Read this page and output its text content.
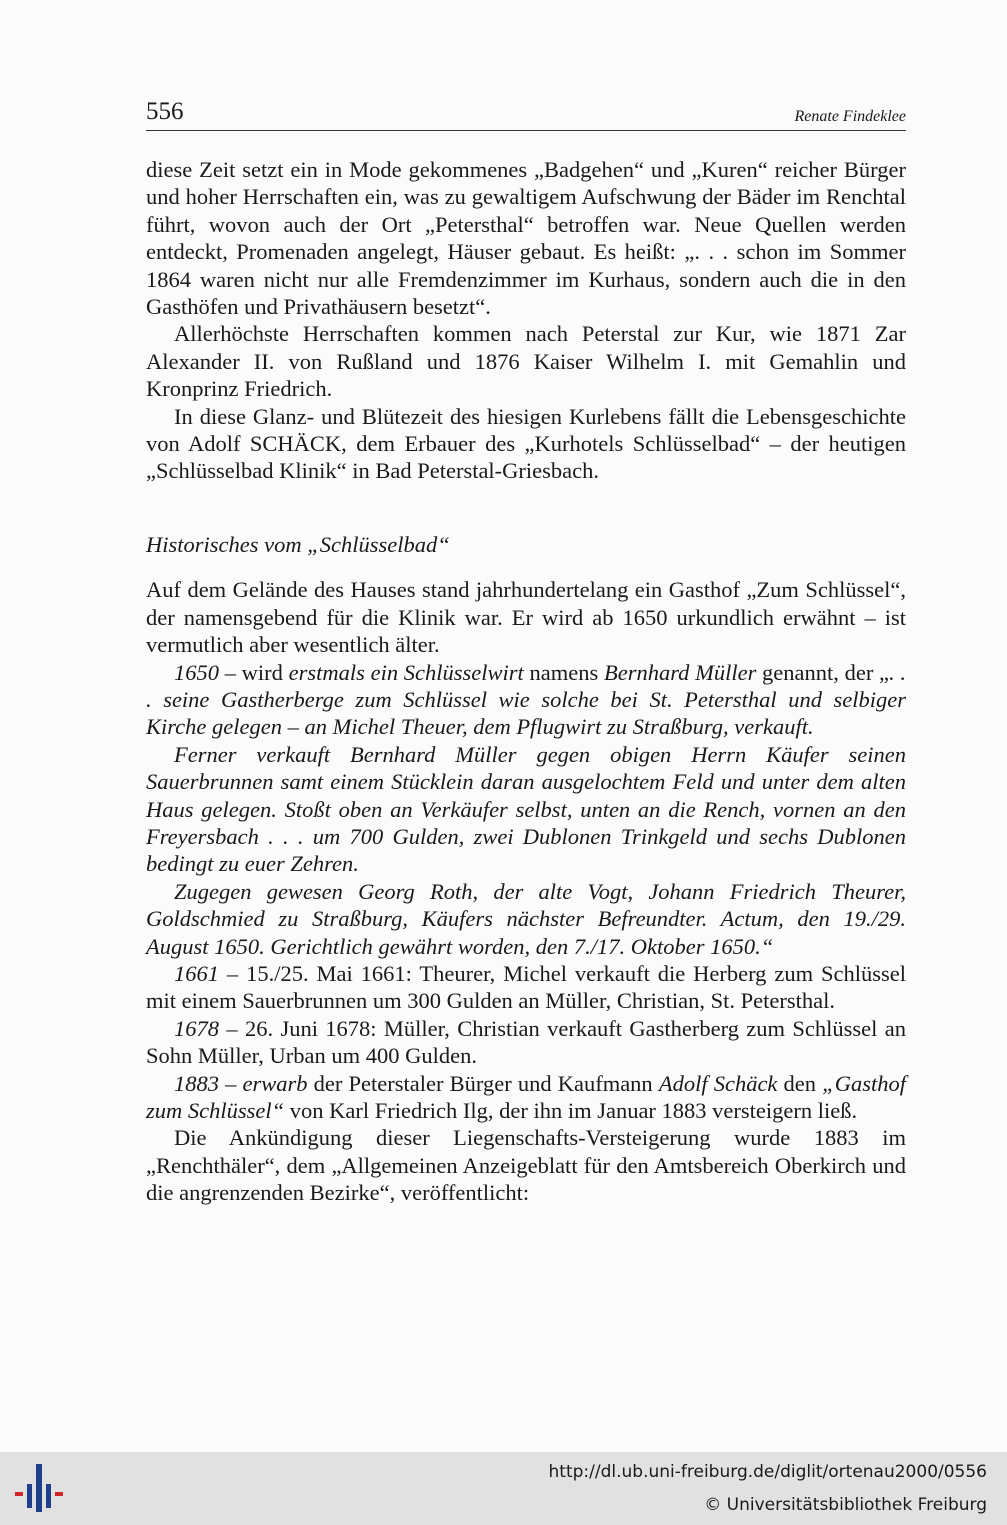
556	Renate Findeklee

diese Zeit setzt ein in Mode gekommenes „Badgehen“ und „Kuren“ reicher Bürger und hoher Herrschaften ein, was zu gewaltigem Aufschwung der Bäder im Renchtal führt, wovon auch der Ort „Petersthal“ betroffen war. Neue Quellen werden entdeckt, Promenaden angelegt, Häuser gebaut. Es heißt: „. . . schon im Sommer 1864 waren nicht nur alle Fremdenzimmer im Kurhaus, sondern auch die in den Gasthöfen und Privathäusern besetzt“.

Allerhöchste Herrschaften kommen nach Peterstal zur Kur, wie 1871 Zar Alexander II. von Rußland und 1876 Kaiser Wilhelm I. mit Gemahlin und Kronprinz Friedrich.

In diese Glanz- und Blütezeit des hiesigen Kurlebens fällt die Lebensgeschichte von Adolf SCHÄCK, dem Erbauer des „Kurhotels Schlüsselbad“ – der heutigen „Schlüsselbad Klinik“ in Bad Peterstal-Griesbach.

Historisches vom „Schlüsselbad“

Auf dem Gelände des Hauses stand jahrhundertelang ein Gasthof „Zum Schlüssel“, der namensgebend für die Klinik war. Er wird ab 1650 urkundlich erwähnt – ist vermutlich aber wesentlich älter.

1650 – wird erstmals ein Schlüsselwirt namens Bernhard Müller genannt, der „. . . seine Gastherberge zum Schlüssel wie solche bei St. Petersthal und selbiger Kirche gelegen – an Michel Theuer, dem Pflugwirt zu Straßburg, verkauft.

Ferner verkauft Bernhard Müller gegen obigen Herrn Käufer seinen Sauerbrunnen samt einem Stücklein daran ausgelochtem Feld und unter dem alten Haus gelegen. Stoßt oben an Verkäufer selbst, unten an die Rench, vornen an den Freyersbach . . . um 700 Gulden, zwei Dublonen Trinkgeld und sechs Dublonen bedingt zu euer Zehren.

Zugegen gewesen Georg Roth, der alte Vogt, Johann Friedrich Theurer, Goldschmied zu Straßburg, Käufers nächster Befreundter. Actum, den 19./29. August 1650. Gerichtlich gewährt worden, den 7./17. Oktober 1650.“

1661 – 15./25. Mai 1661: Theurer, Michel verkauft die Herberg zum Schlüssel mit einem Sauerbrunnen um 300 Gulden an Müller, Christian, St. Petersthal.

1678 – 26. Juni 1678: Müller, Christian verkauft Gastherberg zum Schlüssel an Sohn Müller, Urban um 400 Gulden.

1883 – erwarb der Peterstaler Bürger und Kaufmann Adolf Schäck den „Gasthof zum Schlüssel“ von Karl Friedrich Ilg, der ihn im Januar 1883 versteigern ließ.

Die Ankündigung dieser Liegenschafts-Versteigerung wurde 1883 im „Renchthäler“, dem „Allgemeinen Anzeigeblatt für den Amtsbereich Oberkirch und die angrenzenden Bezirke“, veröffentlicht:

http://dl.ub.uni-freiburg.de/diglit/ortenau2000/0556
© Universitätsbibliothek Freiburg
